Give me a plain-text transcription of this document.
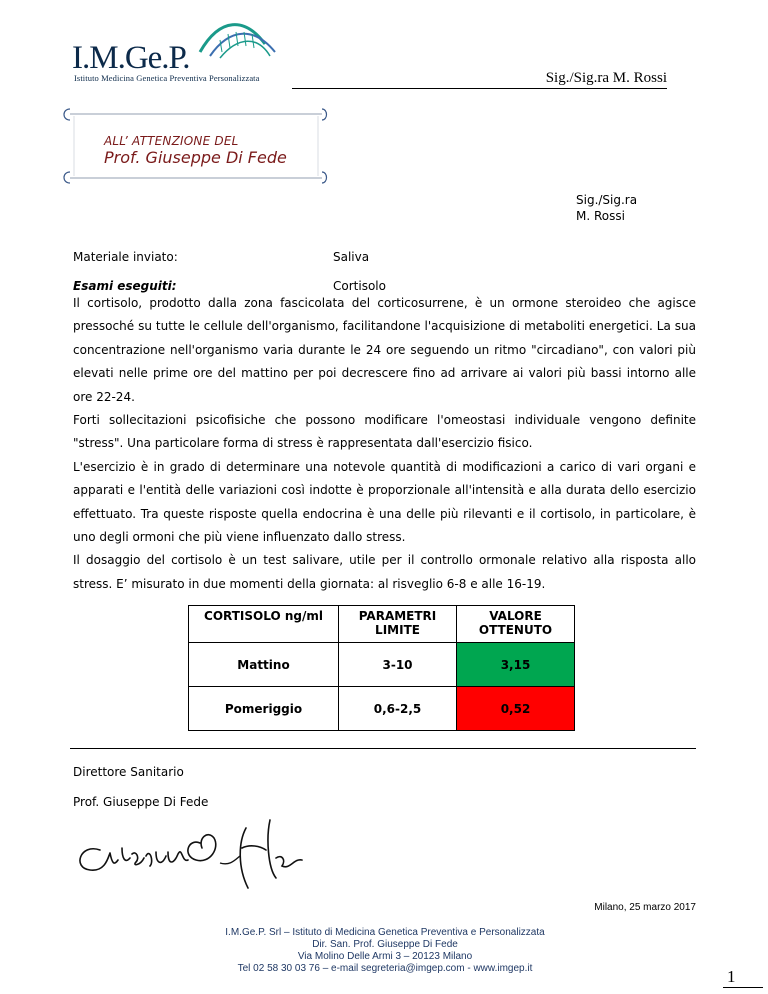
I.M.Ge.P.
Istituto Medicina Genetica Preventiva Personalizzata	Sig./Sig.ra M. Rossi
ALL’ ATTENZIONE DEL
Prof. Giuseppe Di Fede
Sig./Sig.ra
M. Rossi
Materiale inviato:	Saliva
Esami eseguiti:	Cortisolo

Il cortisolo, prodotto dalla zona fascicolata del corticosurrene, è un ormone steroideo che agisce pressoché su tutte le cellule dell'organismo, facilitandone l'acquisizione di metaboliti energetici. La sua concentrazione nell'organismo varia durante le 24 ore seguendo un ritmo "circadiano", con valori più elevati nelle prime ore del mattino per poi decrescere fino ad arrivare ai valori più bassi intorno alle ore 22-24.

Forti sollecitazioni psicofisiche che possono modificare l'omeostasi individuale vengono definite "stress". Una particolare forma di stress è rappresentata dall'esercizio fisico.

L'esercizio è in grado di determinare una notevole quantità di modificazioni a carico di vari organi e apparati e l'entità delle variazioni così indotte è proporzionale all'intensità e alla durata dello esercizio effettuato. Tra queste risposte quella endocrina è una delle più rilevanti e il cortisolo, in particolare, è uno degli ormoni che più viene influenzato dallo stress.

Il dosaggio del cortisolo è un test salivare, utile per il controllo ormonale relativo alla risposta allo stress. E’ misurato in due momenti della giornata: al risveglio 6-8 e alle 16-19.

CORTISOLO ng/ml	PARAMETRI LIMITE	VALORE OTTENUTO
Mattino	3-10	3,15
Pomeriggio	0,6-2,5	0,52
Direttore Sanitario
Prof. Giuseppe Di Fede
Milano, 25 marzo 2017
I.M.Ge.P. Srl – Istituto di Medicina Genetica Preventiva e Personalizzata
Dir. San. Prof. Giuseppe Di Fede
Via Molino Delle Armi 3 – 20123 Milano
Tel 02 58 30 03 76 – e-mail segreteria@imgep.com - www.imgep.it	1
